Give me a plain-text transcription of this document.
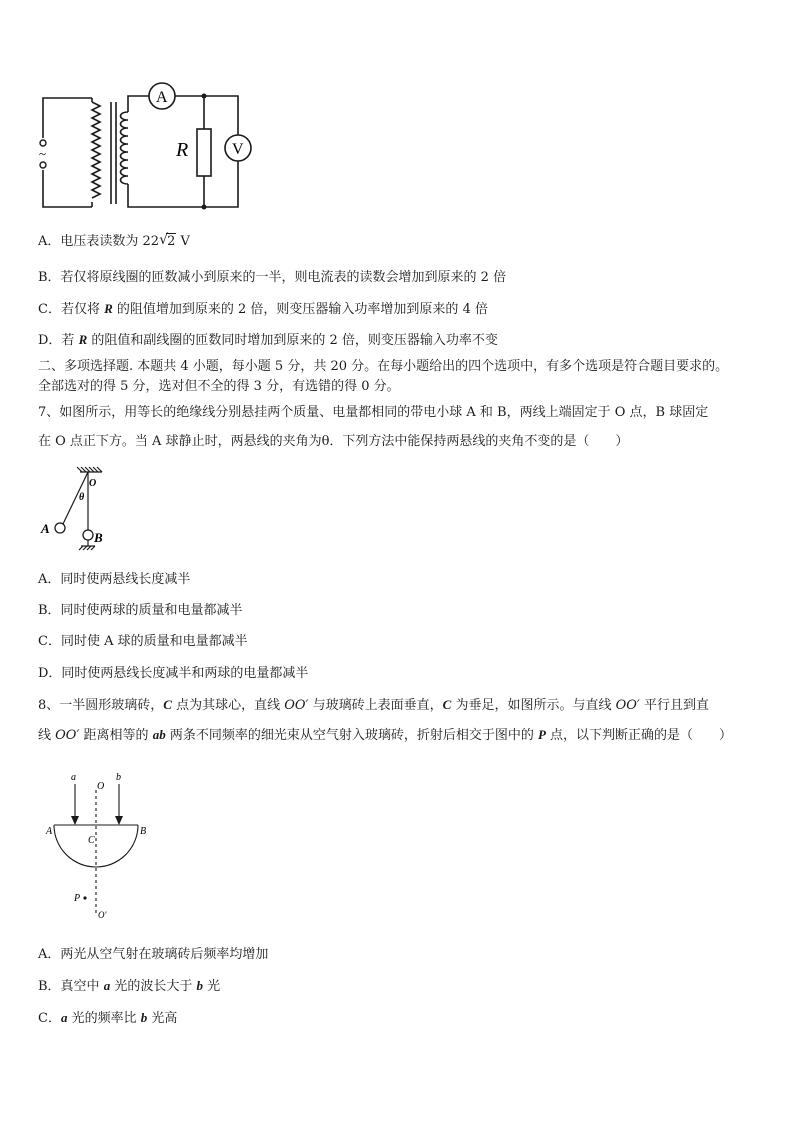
~
A
V
R
A．电压表读数为 22 √ 2 V
B．若仅将原线圈的匝数减小到原来的一半，则电流表的读数会增加到原来的 2 倍
C．若仅将 R 的阻值增加到原来的 2 倍，则变压器输入功率增加到原来的 4 倍
D．若 R 的阻值和副线圈的匝数同时增加到原来的 2 倍，则变压器输入功率不变
二、多项选择题. 本题共 4 小题，每小题 5 分，共 20 分。在每小题给出的四个选项中，有多个选项是符合题目要求的。
全部选对的得 5 分，选对但不全的得 3 分，有选错的得 0 分。
7、如图所示，用等长的绝缘线分别悬挂两个质量、电量都相同的带电小球 A 和 B，两线上端固定于 O 点，B 球固定
在 O 点正下方。当 A 球静止时，两悬线的夹角为θ．下列方法中能保持两悬线的夹角不变的是（　　）
O
θ
A
B
A．同时使两悬线长度减半
B．同时使两球的质量和电量都减半
C．同时使 A 球的质量和电量都减半
D．同时使两悬线长度减半和两球的电量都减半
8、一半圆形玻璃砖，C 点为其球心，直线 OO′ 与玻璃砖上表面垂直，C 为垂足，如图所示。与直线 OO′ 平行且到直
线 OO′ 距离相等的 ab 两条不同频率的细光束从空气射入玻璃砖，折射后相交于图中的 P 点，以下判断正确的是（　　）
a	b
O
A	B
C
P
O′
A．两光从空气射在玻璃砖后频率均增加
B．真空中 a 光的波长大于 b 光
C．a 光的频率比 b 光高
